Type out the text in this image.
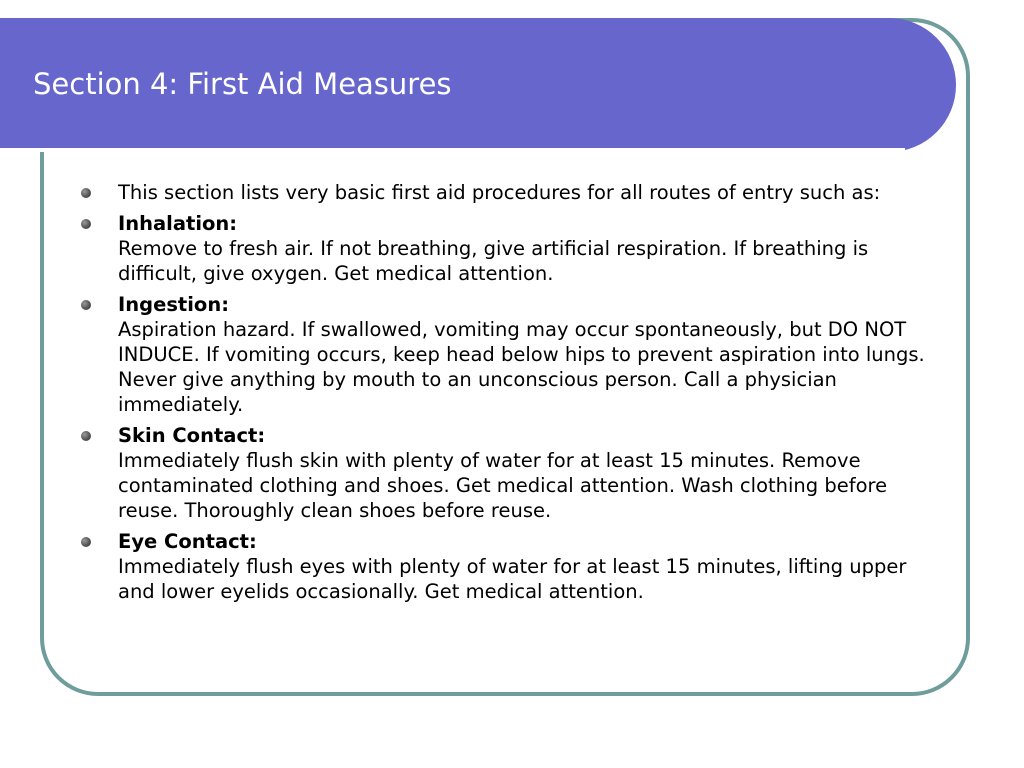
Section 4: First Aid Measures
This section lists very basic first aid procedures for all routes of entry such as:
Inhalation:
Remove to fresh air. If not breathing, give artificial respiration. If breathing is difficult, give oxygen. Get medical attention.
Ingestion:
Aspiration hazard. If swallowed, vomiting may occur spontaneously, but DO NOT INDUCE. If vomiting occurs, keep head below hips to prevent aspiration into lungs. Never give anything by mouth to an unconscious person. Call a physician immediately.
Skin Contact:
Immediately flush skin with plenty of water for at least 15 minutes. Remove contaminated clothing and shoes. Get medical attention. Wash clothing before reuse. Thoroughly clean shoes before reuse.
Eye Contact:
Immediately flush eyes with plenty of water for at least 15 minutes, lifting upper and lower eyelids occasionally. Get medical attention.
